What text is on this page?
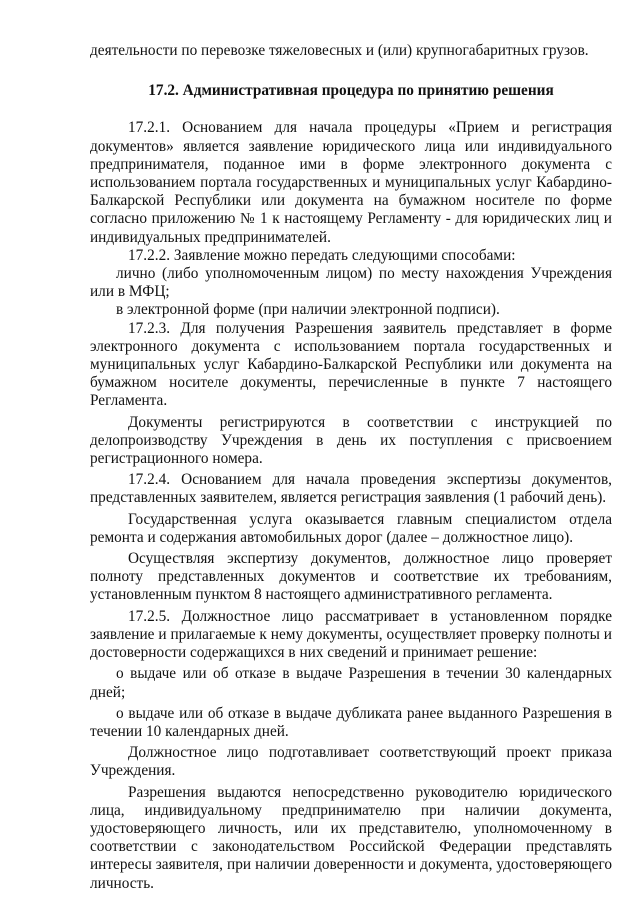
деятельности по перевозке тяжеловесных и (или) крупногабаритных грузов.

17.2. Административная процедура по принятию решения

17.2.1. Основанием для начала процедуры «Прием и регистрация документов» является заявление юридического лица или индивидуального предпринимателя, поданное ими в форме электронного документа с использованием портала государственных и муниципальных услуг Кабардино-Балкарской Республики или документа на бумажном носителе по форме согласно приложению № 1 к настоящему Регламенту - для юридических лиц и индивидуальных предпринимателей.

17.2.2. Заявление можно передать следующими способами:

лично (либо уполномоченным лицом) по месту нахождения Учреждения или в МФЦ;

в электронной форме (при наличии электронной подписи).

17.2.3. Для получения Разрешения заявитель представляет в форме электронного документа с использованием портала государственных и муниципальных услуг Кабардино-Балкарской Республики или документа на бумажном носителе документы, перечисленные в пункте 7 настоящего Регламента.

Документы регистрируются в соответствии с инструкцией по делопроизводству Учреждения в день их поступления с присвоением регистрационного номера.

17.2.4. Основанием для начала проведения экспертизы документов, представленных заявителем, является регистрация заявления (1 рабочий день).

Государственная услуга оказывается главным специалистом отдела ремонта и содержания автомобильных дорог (далее – должностное лицо).

Осуществляя экспертизу документов, должностное лицо проверяет полноту представленных документов и соответствие их требованиям, установленным пунктом 8 настоящего административного регламента.

17.2.5. Должностное лицо рассматривает в установленном порядке заявление и прилагаемые к нему документы, осуществляет проверку полноты и достоверности содержащихся в них сведений и принимает решение:

о выдаче или об отказе в выдаче Разрешения в течении 30 календарных дней;

о выдаче или об отказе в выдаче дубликата ранее выданного Разрешения в течении 10 календарных дней.

Должностное лицо подготавливает соответствующий проект приказа Учреждения.

Разрешения выдаются непосредственно руководителю юридического лица, индивидуальному предпринимателю при наличии документа, удостоверяющего личность, или их представителю, уполномоченному в соответствии с законодательством Российской Федерации представлять интересы заявителя, при наличии доверенности и документа, удостоверяющего личность.
